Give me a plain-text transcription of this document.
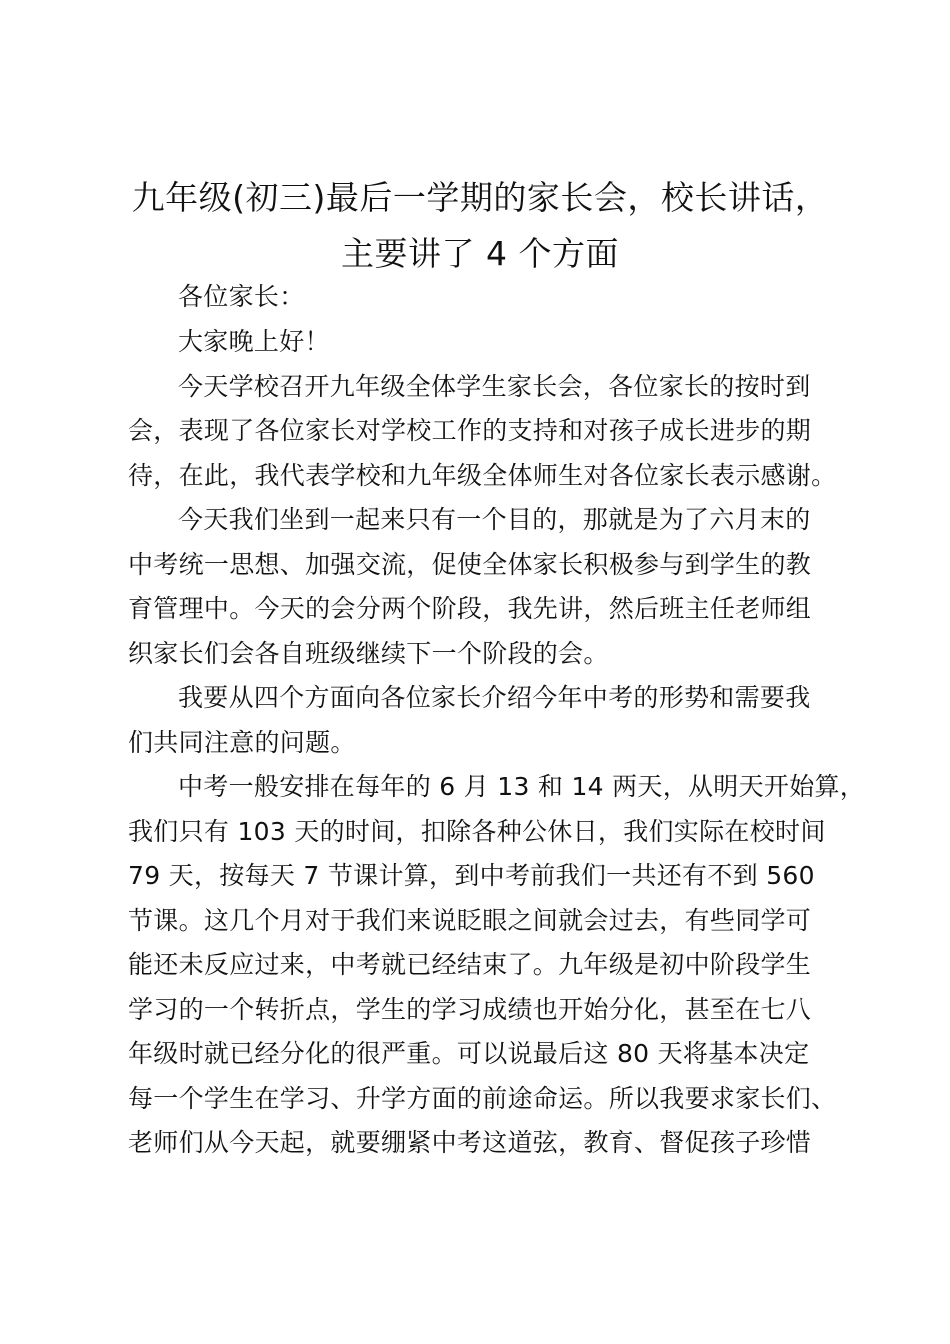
九年级(初三)最后一学期的家长会，校长讲话，
主要讲了 4 个方面
各位家长：
大家晚上好！
今天学校召开九年级全体学生家长会，各位家长的按时到
会，表现了各位家长对学校工作的支持和对孩子成长进步的期
待，在此，我代表学校和九年级全体师生对各位家长表示感谢。
今天我们坐到一起来只有一个目的，那就是为了六月末的
中考统一思想、加强交流，促使全体家长积极参与到学生的教
育管理中。今天的会分两个阶段，我先讲，然后班主任老师组
织家长们会各自班级继续下一个阶段的会。
我要从四个方面向各位家长介绍今年中考的形势和需要我
们共同注意的问题。
中考一般安排在每年的 6 月 13 和 14 两天，从明天开始算，
我们只有 103 天的时间，扣除各种公休日，我们实际在校时间
79 天，按每天 7 节课计算，到中考前我们一共还有不到 560
节课。这几个月对于我们来说眨眼之间就会过去，有些同学可
能还未反应过来，中考就已经结束了。九年级是初中阶段学生
学习的一个转折点，学生的学习成绩也开始分化，甚至在七八
年级时就已经分化的很严重。可以说最后这 80 天将基本决定
每一个学生在学习、升学方面的前途命运。所以我要求家长们、
老师们从今天起，就要绷紧中考这道弦，教育、督促孩子珍惜
